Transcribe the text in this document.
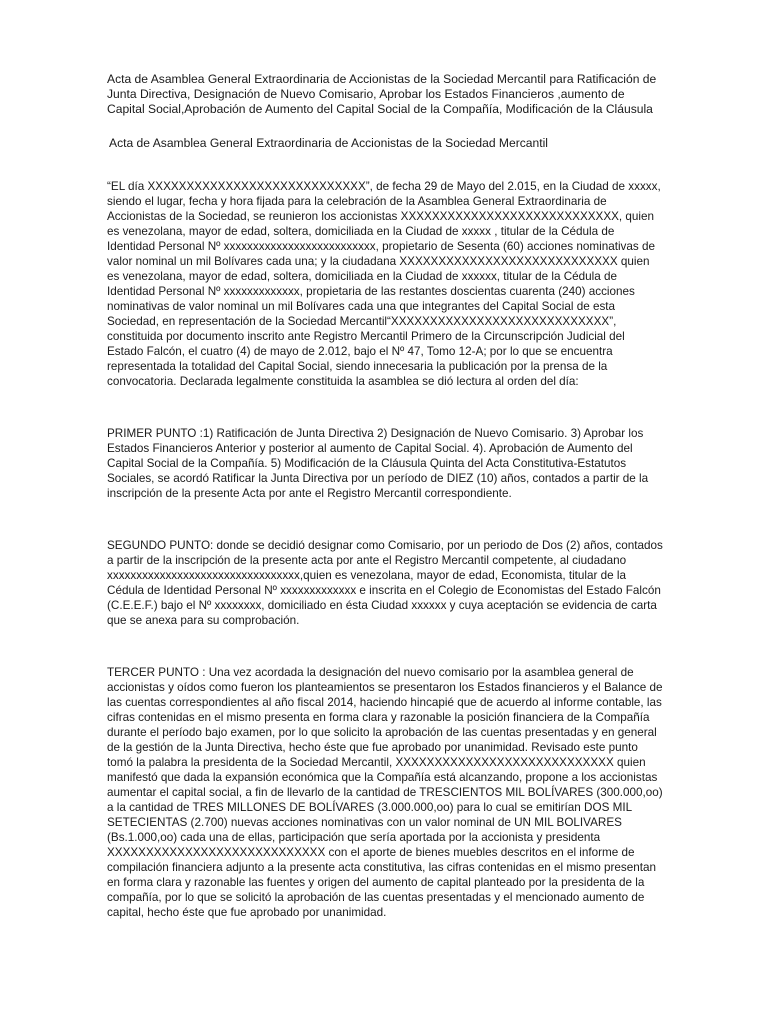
Acta de Asamblea General Extraordinaria de Accionistas de la Sociedad Mercantil para Ratificación de Junta Directiva, Designación de Nuevo Comisario, Aprobar los Estados Financieros ,aumento de Capital Social,Aprobación de Aumento del Capital Social de la Compañía, Modificación de la Cláusula

Acta de Asamblea General Extraordinaria de Accionistas de la Sociedad Mercantil

“EL día XXXXXXXXXXXXXXXXXXXXXXXXXXXX”, de fecha 29 de Mayo del 2.015, en la Ciudad de xxxxx, siendo el lugar, fecha y hora fijada para la celebración de la Asamblea General Extraordinaria de Accionistas de la Sociedad, se reunieron los accionistas XXXXXXXXXXXXXXXXXXXXXXXXXXXX, quien es venezolana, mayor de edad, soltera, domiciliada en la Ciudad de xxxxx , titular de la Cédula de Identidad Personal Nº xxxxxxxxxxxxxxxxxxxxxxxxxx, propietario de Sesenta (60) acciones nominativas de valor nominal un mil Bolívares cada una; y la ciudadana XXXXXXXXXXXXXXXXXXXXXXXXXXXX quien es venezolana, mayor de edad, soltera, domiciliada en la Ciudad de xxxxxx, titular de la Cédula de Identidad Personal Nº xxxxxxxxxxxxx, propietaria de las restantes doscientas cuarenta (240) acciones nominativas de valor nominal un mil Bolívares cada una que integrantes del Capital Social de esta Sociedad, en representación de la Sociedad Mercantil“XXXXXXXXXXXXXXXXXXXXXXXXXXXX”, constituida por documento inscrito ante Registro Mercantil Primero de la Circunscripción Judicial del Estado Falcón, el cuatro (4) de mayo de 2.012, bajo el Nº 47, Tomo 12-A; por lo que se encuentra representada la totalidad del Capital Social, siendo innecesaria la publicación por la prensa de la convocatoria. Declarada legalmente constituida la asamblea se dió lectura al orden del día:

PRIMER PUNTO :1) Ratificación de Junta Directiva 2) Designación de Nuevo Comisario. 3) Aprobar los Estados Financieros Anterior y posterior al aumento de Capital Social. 4). Aprobación de Aumento del Capital Social de la Compañía. 5) Modificación de la Cláusula Quinta del Acta Constitutiva-Estatutos Sociales, se acordó Ratificar la Junta Directiva por un período de DIEZ (10) años, contados a partir de la inscripción de la presente Acta por ante el Registro Mercantil correspondiente.

SEGUNDO PUNTO: donde se decidió designar como Comisario, por un periodo de Dos (2) años, contados a partir de la inscripción de la presente acta por ante el Registro Mercantil competente, al ciudadano xxxxxxxxxxxxxxxxxxxxxxxxxxxxxxxxx,quien es venezolana, mayor de edad, Economista, titular de la Cédula de Identidad Personal Nº xxxxxxxxxxxxx e inscrita en el Colegio de Economistas del Estado Falcón (C.E.E.F.) bajo el Nº xxxxxxxx, domiciliado en ésta Ciudad xxxxxx y cuya aceptación se evidencia de carta que se anexa para su comprobación.

TERCER PUNTO : Una vez acordada la designación del nuevo comisario por la asamblea general de accionistas y oídos como fueron los planteamientos se presentaron los Estados financieros y el Balance de las cuentas correspondientes al año fiscal 2014, haciendo hincapié que de acuerdo al informe contable, las cifras contenidas en el mismo presenta en forma clara y razonable la posición financiera de la Compañía durante el período bajo examen, por lo que solicito la aprobación de las cuentas presentadas y en general de la gestión de la Junta Directiva, hecho éste que fue aprobado por unanimidad. Revisado este punto tomó la palabra la presidenta de la Sociedad Mercantil, XXXXXXXXXXXXXXXXXXXXXXXXXXXX quien manifestó que dada la expansión económica que la Compañía está alcanzando, propone a los accionistas aumentar el capital social, a fin de llevarlo de la cantidad de TRESCIENTOS MIL BOLÍVARES (300.000,oo) a la cantidad de TRES MILLONES DE BOLÍVARES (3.000.000,oo) para lo cual se emitirían DOS MIL SETECIENTAS (2.700) nuevas acciones nominativas con un valor nominal de UN MIL BOLIVARES (Bs.1.000,oo) cada una de ellas, participación que sería aportada por la accionista y presidenta XXXXXXXXXXXXXXXXXXXXXXXXXXXX con el aporte de bienes muebles descritos en el informe de compilación financiera adjunto a la presente acta constitutiva, las cifras contenidas en el mismo presentan en forma clara y razonable las fuentes y origen del aumento de capital planteado por la presidenta de la compañía, por lo que se solicitó la aprobación de las cuentas presentadas y el mencionado aumento de capital, hecho éste que fue aprobado por unanimidad.
